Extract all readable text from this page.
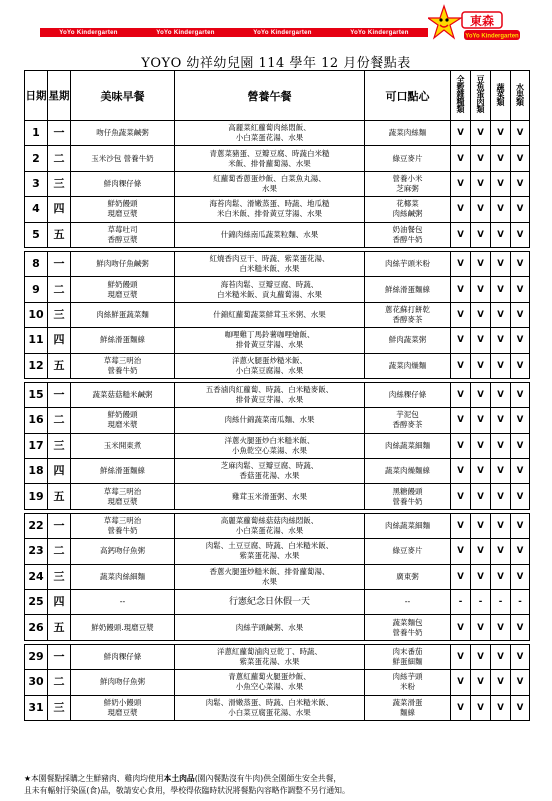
YoYo Kindergarten	YoYo Kindergarten	YoYo Kindergarten	YoYo Kindergarten
東森
YoYo Kindergarten
YOYO 幼祥幼兒園 114 學年 12 月份餐點表
日期	星期	美味早餐	營養午餐	可口點心	全穀雜糧類	豆魚蛋肉類	蔬菜類	水果類
1	一	吻仔魚蔬菜鹹粥	高麗菜紅蘿蔔肉絲悶飯、
小白菜蛋花湯、水果	蔬菜肉絲麵	V	V	V	V
2	二	玉米沙包 營養牛奶	青蔥菜豬蛋、豆瓣豆腐、時蔬白米糙
米飯、排骨蘿蔔湯、水果	綠豆麥片	V	V	V	V
3	三	鮮肉粿仔條	紅蘿蔔香蔥蛋炒飯、白菜魚丸湯、
水果	營養小米
芝麻粥	V	V	V	V
4	四	鮮奶饅頭
現磨豆漿	海苔肉鬆、滑嫩蒸蛋、時蔬、地瓜糙
米白米飯、排骨黃豆芽湯、水果	花椰菜
肉絲鹹粥	V	V	V	V
5	五	草莓吐司
香醇豆漿	什錦肉絲南瓜蔬菜粒麵、水果	奶油餐包
香醇牛奶	V	V	V	V

8	一	鮮肉吻仔魚鹹粥	紅燒香肉豆干、時蔬、紫菜蛋花湯、
白米糙米飯、水果	肉絲芋頭米粉	V	V	V	V
9	二	鮮奶饅頭
現磨豆漿	海苔肉鬆、豆瓣豆腐、時蔬、
白米糙米飯、貢丸蘿蔔湯、水果	鮮絲滑蛋麵線	V	V	V	V
10	三	肉絲鮮蛋蔬菜麵	什錦紅蘿蔔蔬菜鮮茸玉米粥、水果	蔥花蘇打餅乾
香醇麥茶	V	V	V	V
11	四	鮮絲滑蛋麵線	咖哩雞丁馬鈴薯咖哩燴飯、
排骨黃豆芽湯、水果	鮮肉蔬菜粥	V	V	V	V
12	五	草莓三明治
營養牛奶	洋蔥火腿蛋炒糙米飯、
小白菜豆腐湯、水果	蔬菜肉燥麵	V	V	V	V

15	一	蔬菜菇菇糙米鹹粥	五香滷肉紅蘿蔔、時蔬、白米糙麥飯、
排骨黃豆芽湯、水果	肉絲粿仔條	V	V	V	V
16	二	鮮奶饅頭
現磨米漿	肉絲什錦蔬菜南瓜麵、水果	芋泥包
香醇麥茶	V	V	V	V
17	三	玉米開東煮	洋蔥火腿蛋炒白米糙米飯、
小魚乾空心菜湯、水果	肉絲蔬菜細麵	V	V	V	V
18	四	鮮絲滑蛋麵線	芝麻肉鬆、豆瓣豆腐、時蔬、
香菇蛋花湯、水果	蔬菜肉燥麵線	V	V	V	V
19	五	草莓三明治
現磨豆漿	雞茸玉米滑蛋粥、水果	黑糖饅頭
營養牛奶	V	V	V	V

22	一	草莓三明治
營養牛奶	高麗菜蘿蔔絲菇菇肉絲悶飯、
小白菜蛋花湯、水果	肉絲蔬菜細麵	V	V	V	V
23	二	高鈣吻仔魚粥	肉鬆、土豆豆腐、時蔬、白米糙米飯、
紫菜蛋花湯、水果	綠豆麥片	V	V	V	V
24	三	蔬菜肉絲細麵	香蔥火腿蛋炒糙米飯、排骨蘿蔔湯、
水果	廣東粥	V	V	V	V
25	四	--	行憲紀念日休假一天	--	-	-	-	-
26	五	鮮奶饅頭.現磨豆漿	肉絲芋頭鹹粥、水果	蔬菜麵包
營養牛奶	V	V	V	V

29	一	鮮肉粿仔條	洋蔥紅蘿蔔滷肉豆乾丁、時蔬、
紫菜蛋花湯、水果	肉末番茄
鮮蛋細麵	V	V	V	V
30	二	鮮肉吻仔魚粥	青蔥紅蘿蔔火腿蛋炒飯、
小魚空心菜湯、水果	肉絲芋頭
米粉	V	V	V	V
31	三	鮮奶小饅頭
現磨豆漿	肉鬆、滑嫩蒸蛋、時蔬、白米糙米飯、
小白菜豆腐蛋花湯、水果	蔬菜滑蛋
麵線	V	V	V	V
★本園餐點採購之生鮮豬肉、雞肉均使用本土肉品(園內餐點沒有牛肉)供全園師生安全共餐，
且未有輻射汙染區(食)品，敬請安心食用，學校得依臨時狀況將餐點內容略作調整不另行通知。
